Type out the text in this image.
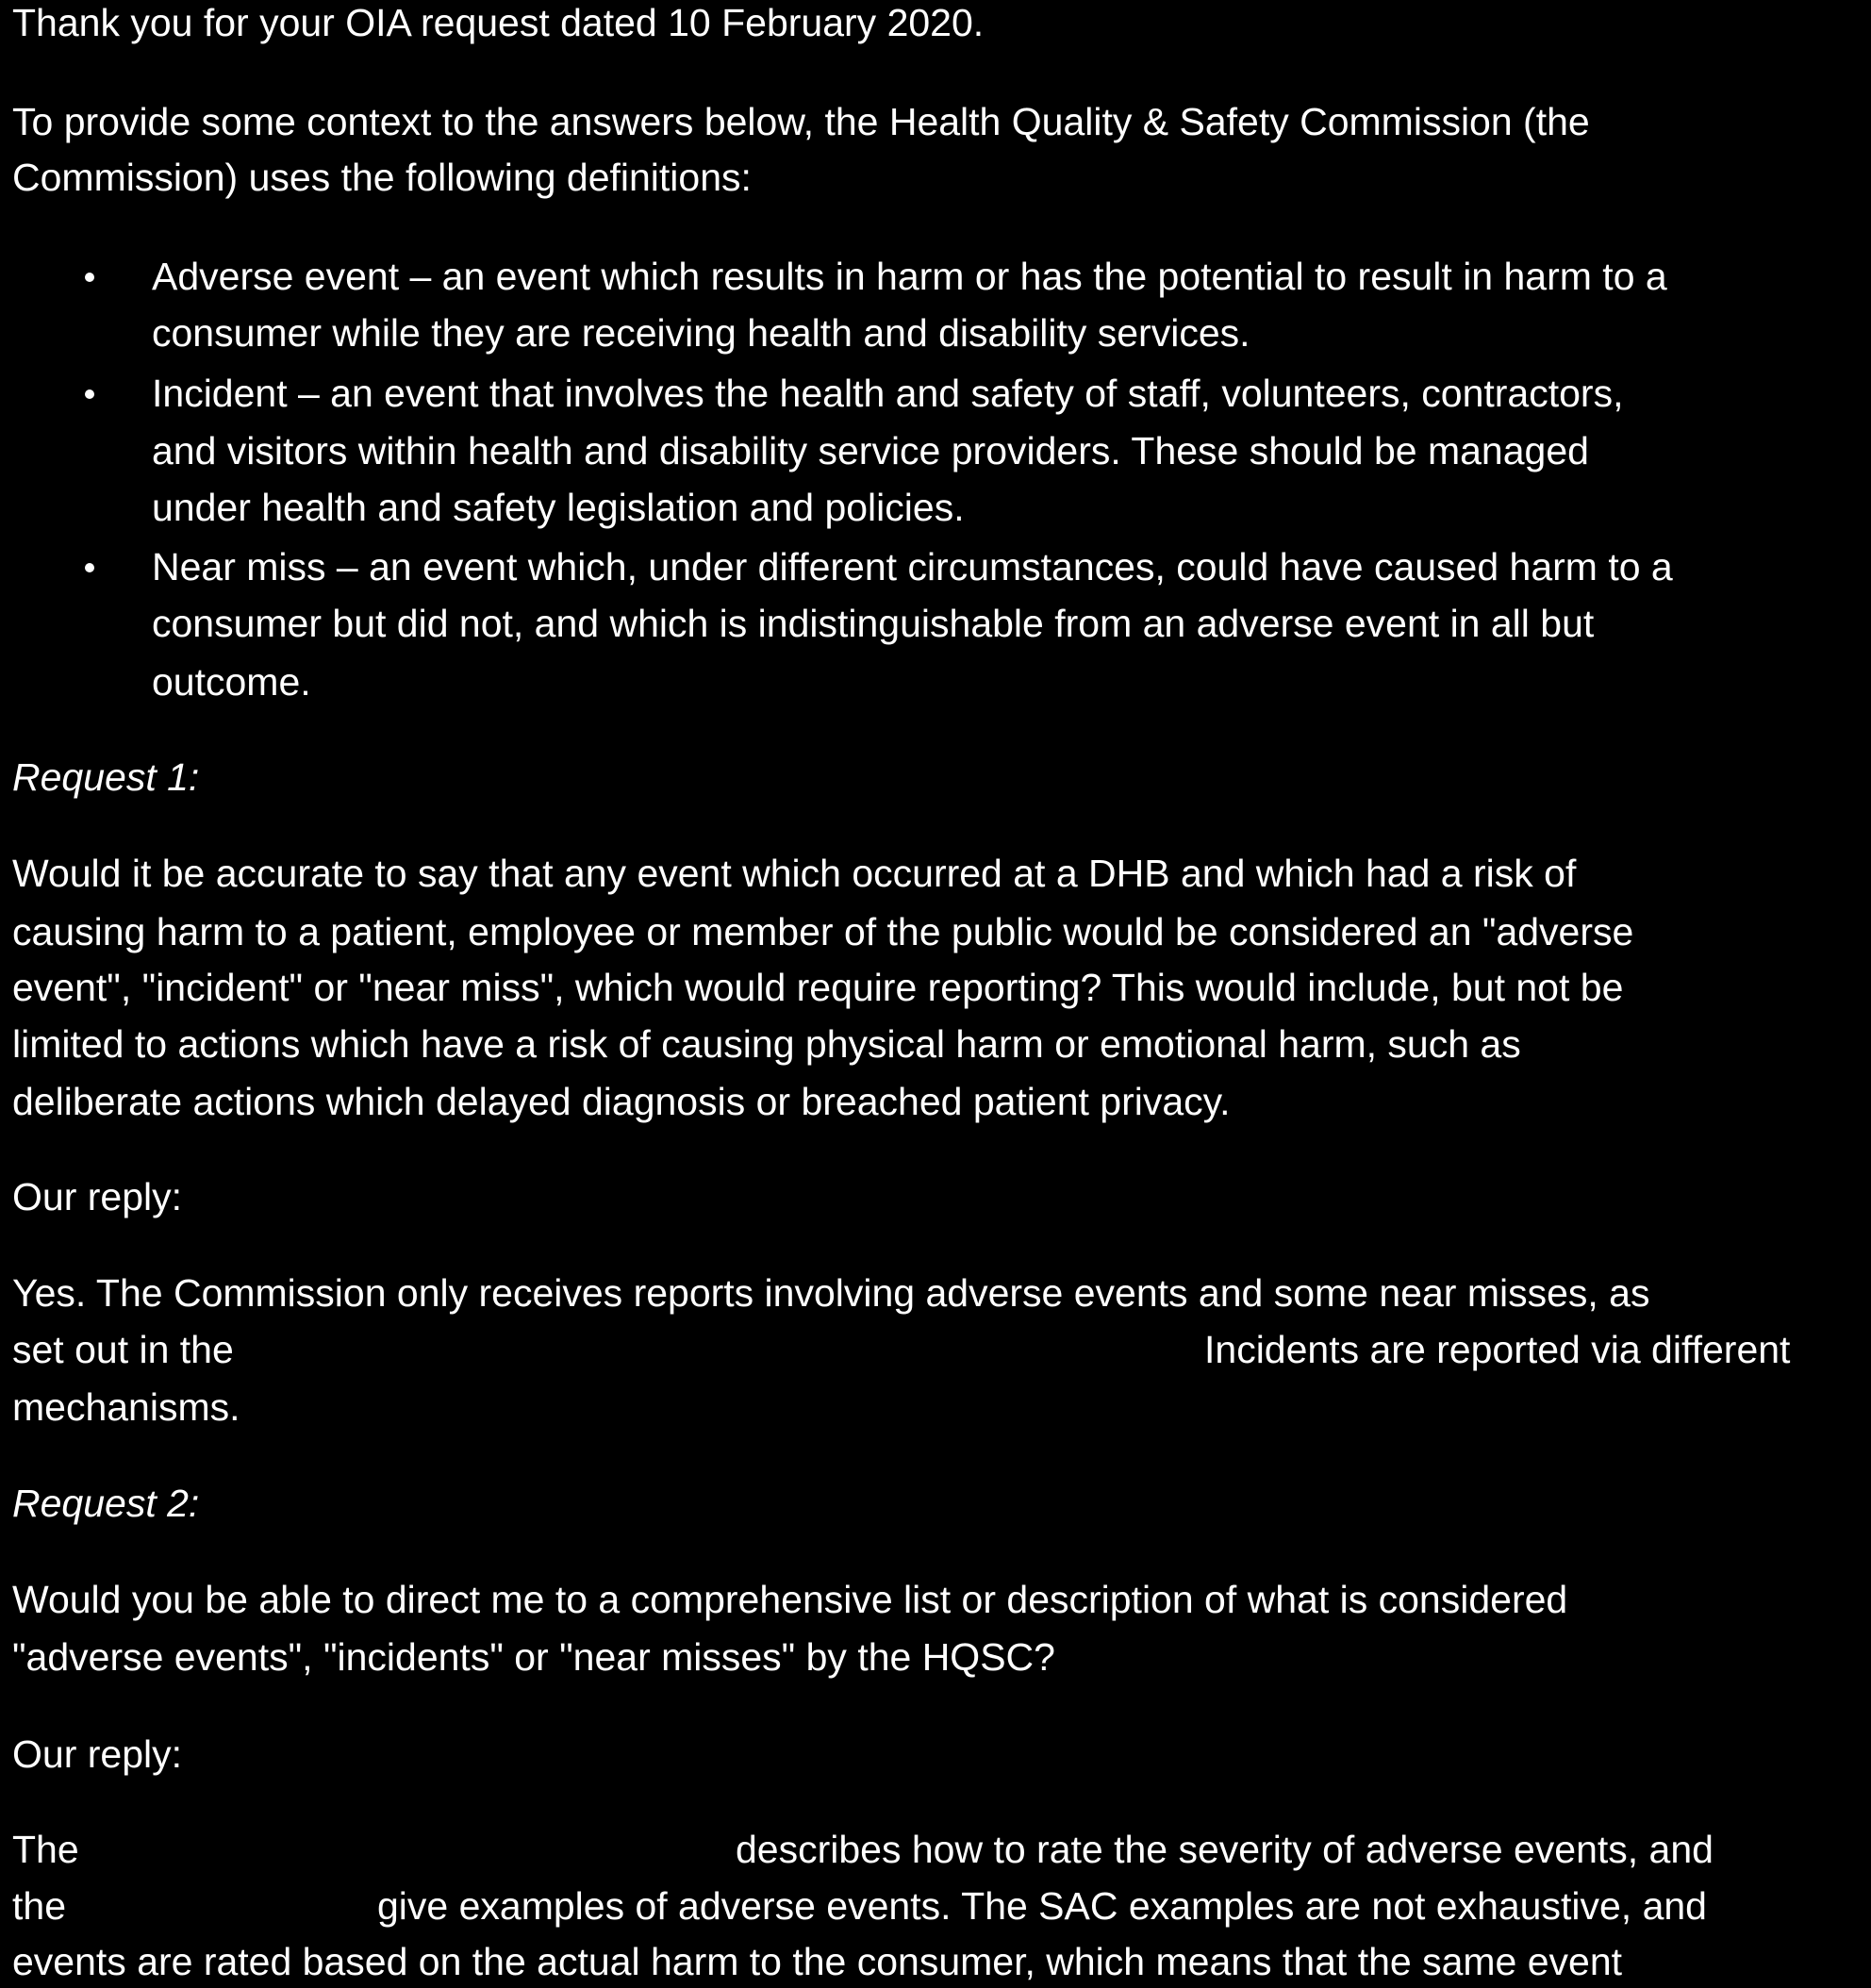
Thank you for your OIA request dated 10 February 2020.
To provide some context to the answers below, the Health Quality & Safety Commission (the
Commission) uses the following definitions:
Adverse event – an event which results in harm or has the potential to result in harm to a
consumer while they are receiving health and disability services.
Incident – an event that involves the health and safety of staff, volunteers, contractors,
and visitors within health and disability service providers. These should be managed
under health and safety legislation and policies.
Near miss – an event which, under different circumstances, could have caused harm to a
consumer but did not, and which is indistinguishable from an adverse event in all but
outcome.
Request 1:
Would it be accurate to say that any event which occurred at a DHB and which had a risk of
causing harm to a patient, employee or member of the public would be considered an "adverse
event", "incident" or "near miss", which would require reporting? This would include, but not be
limited to actions which have a risk of causing physical harm or emotional harm, such as
deliberate actions which delayed diagnosis or breached patient privacy.
Our reply:
Yes. The Commission only receives reports involving adverse events and some near misses, as
set out in the	Incidents are reported via different
mechanisms.
Request 2:
Would you be able to direct me to a comprehensive list or description of what is considered
"adverse events", "incidents" or "near misses" by the HQSC?
Our reply:
The	describes how to rate the severity of adverse events, and
the	give examples of adverse events. The SAC examples are not exhaustive, and
events are rated based on the actual harm to the consumer, which means that the same event
